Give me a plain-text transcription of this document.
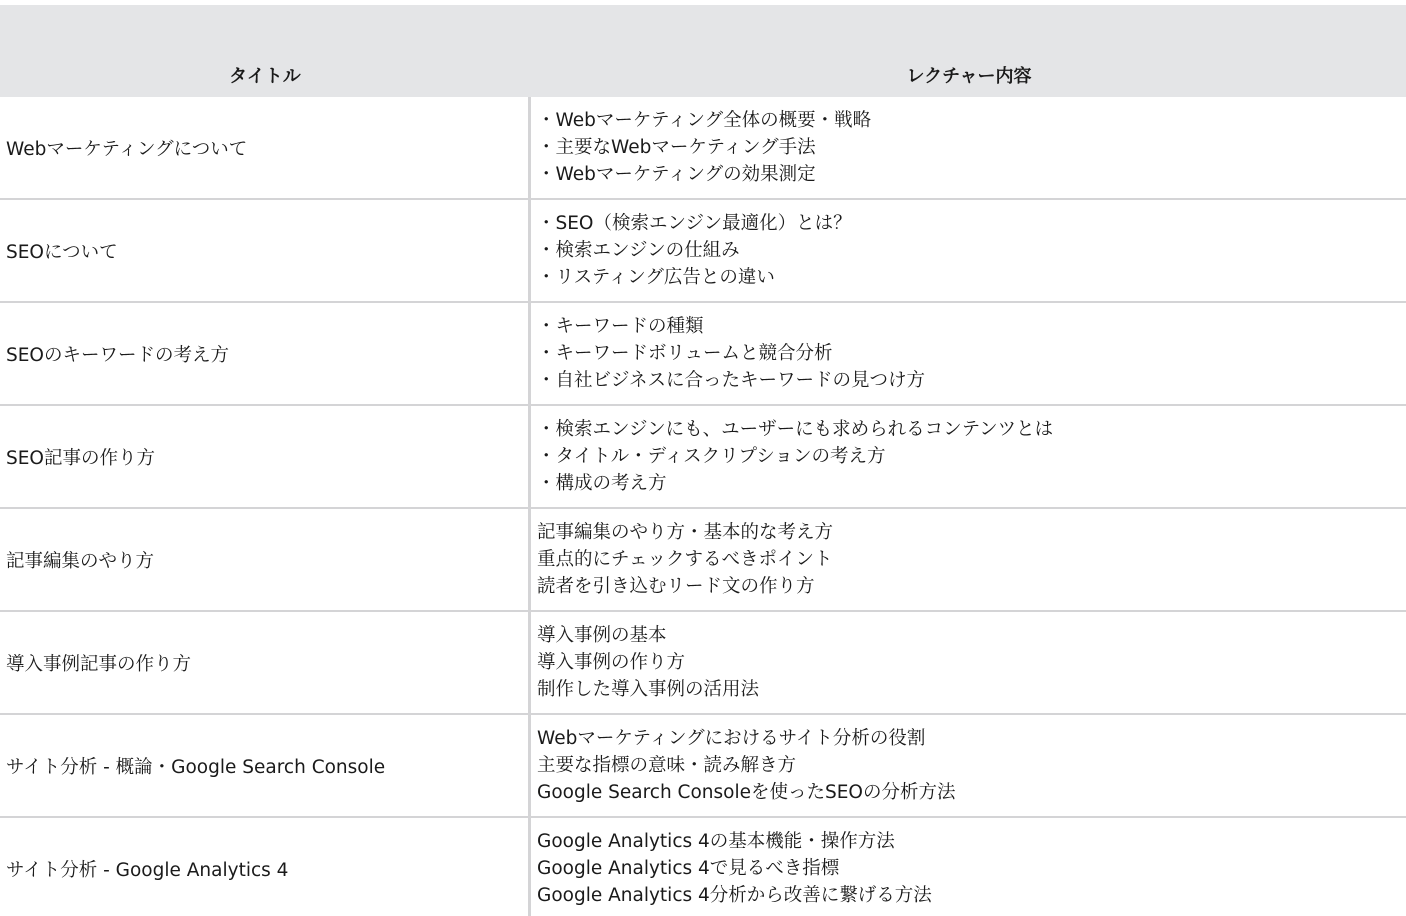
タイトル	レクチャー内容
Webマーケティングについて
・Webマーケティング全体の概要・戦略
・主要なWebマーケティング手法
・Webマーケティングの効果測定
SEOについて
・SEO（検索エンジン最適化）とは？
・検索エンジンの仕組み
・リスティング広告との違い
SEOのキーワードの考え方
・キーワードの種類
・キーワードボリュームと競合分析
・自社ビジネスに合ったキーワードの見つけ方
SEO記事の作り方
・検索エンジンにも、ユーザーにも求められるコンテンツとは
・タイトル・ディスクリプションの考え方
・構成の考え方
記事編集のやり方
記事編集のやり方・基本的な考え方
重点的にチェックするべきポイント
読者を引き込むリード文の作り方
導入事例記事の作り方
導入事例の基本
導入事例の作り方
制作した導入事例の活用法
サイト分析 - 概論・Google Search Console
Webマーケティングにおけるサイト分析の役割
主要な指標の意味・読み解き方
Google Search Consoleを使ったSEOの分析方法
サイト分析 - Google Analytics 4
Google Analytics 4の基本機能・操作方法
Google Analytics 4で見るべき指標
Google Analytics 4分析から改善に繋げる方法
